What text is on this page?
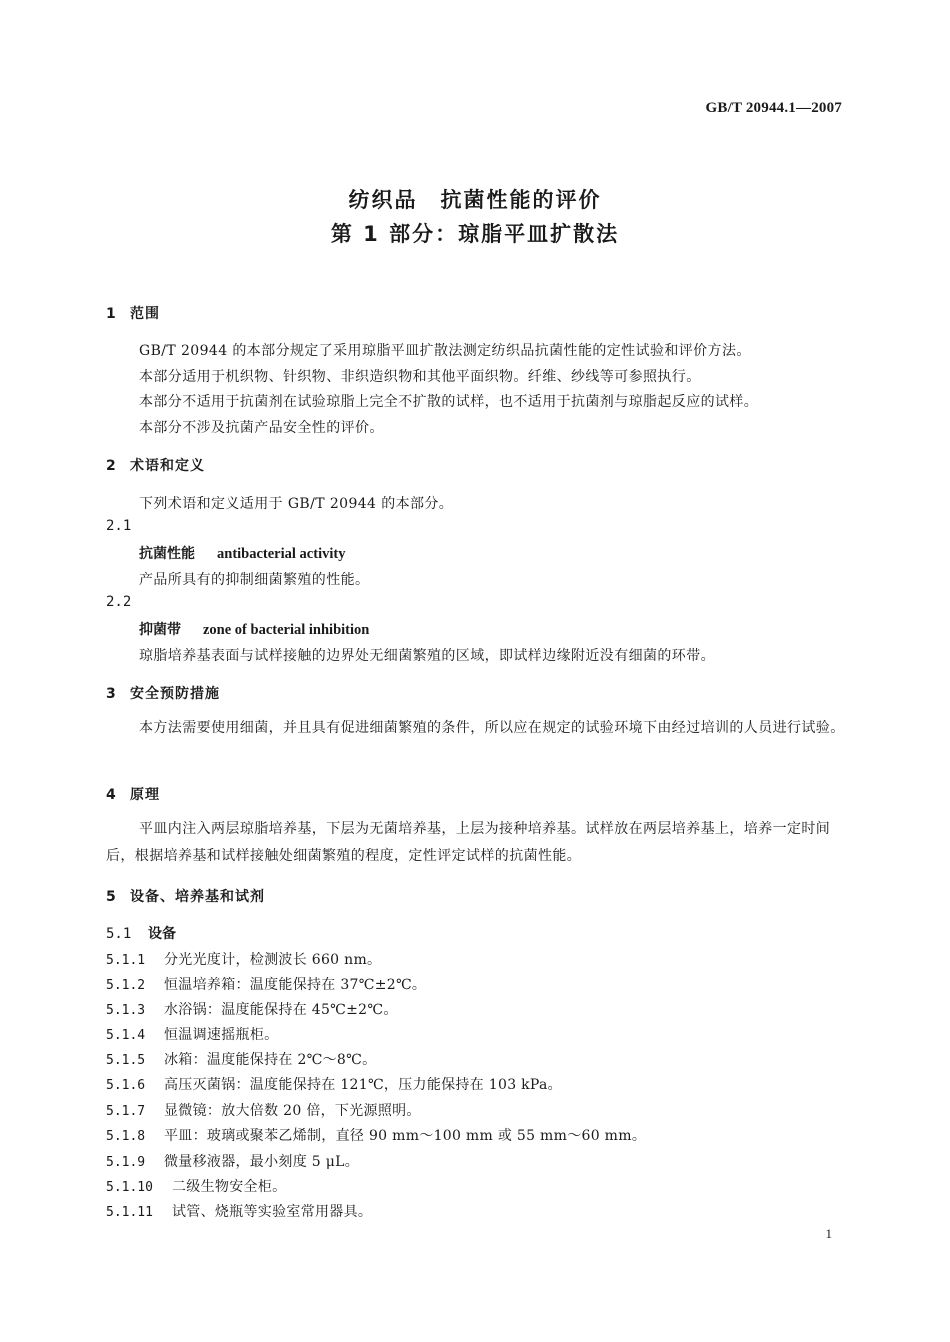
GB/T 20944.1—2007
纺织品　抗菌性能的评价
第 1 部分：琼脂平皿扩散法
1 范围
GB/T 20944 的本部分规定了采用琼脂平皿扩散法测定纺织品抗菌性能的定性试验和评价方法。
本部分适用于机织物、针织物、非织造织物和其他平面织物。纤维、纱线等可参照执行。
本部分不适用于抗菌剂在试验琼脂上完全不扩散的试样，也不适用于抗菌剂与琼脂起反应的试样。
本部分不涉及抗菌产品安全性的评价。
2 术语和定义
下列术语和定义适用于 GB/T 20944 的本部分。
2.1
抗菌性能 antibacterial activity
产品所具有的抑制细菌繁殖的性能。
2.2
抑菌带 zone of bacterial inhibition
琼脂培养基表面与试样接触的边界处无细菌繁殖的区域，即试样边缘附近没有细菌的环带。
3 安全预防措施
本方法需要使用细菌，并且具有促进细菌繁殖的条件，所以应在规定的试验环境下由经过培训的人员进行试验。
4 原理
平皿内注入两层琼脂培养基，下层为无菌培养基，上层为接种培养基。试样放在两层培养基上，培养一定时间后，根据培养基和试样接触处细菌繁殖的程度，定性评定试样的抗菌性能。
5 设备、培养基和试剂
5.1 设备
5.1.1 分光光度计，检测波长 660 nm。
5.1.2 恒温培养箱：温度能保持在 37℃±2℃。
5.1.3 水浴锅：温度能保持在 45℃±2℃。
5.1.4 恒温调速摇瓶柜。
5.1.5 冰箱：温度能保持在 2℃～8℃。
5.1.6 高压灭菌锅：温度能保持在 121℃，压力能保持在 103 kPa。
5.1.7 显微镜：放大倍数 20 倍，下光源照明。
5.1.8 平皿：玻璃或聚苯乙烯制，直径 90 mm～100 mm 或 55 mm～60 mm。
5.1.9 微量移液器，最小刻度 5 μL。
5.1.10 二级生物安全柜。
5.1.11 试管、烧瓶等实验室常用器具。
1
